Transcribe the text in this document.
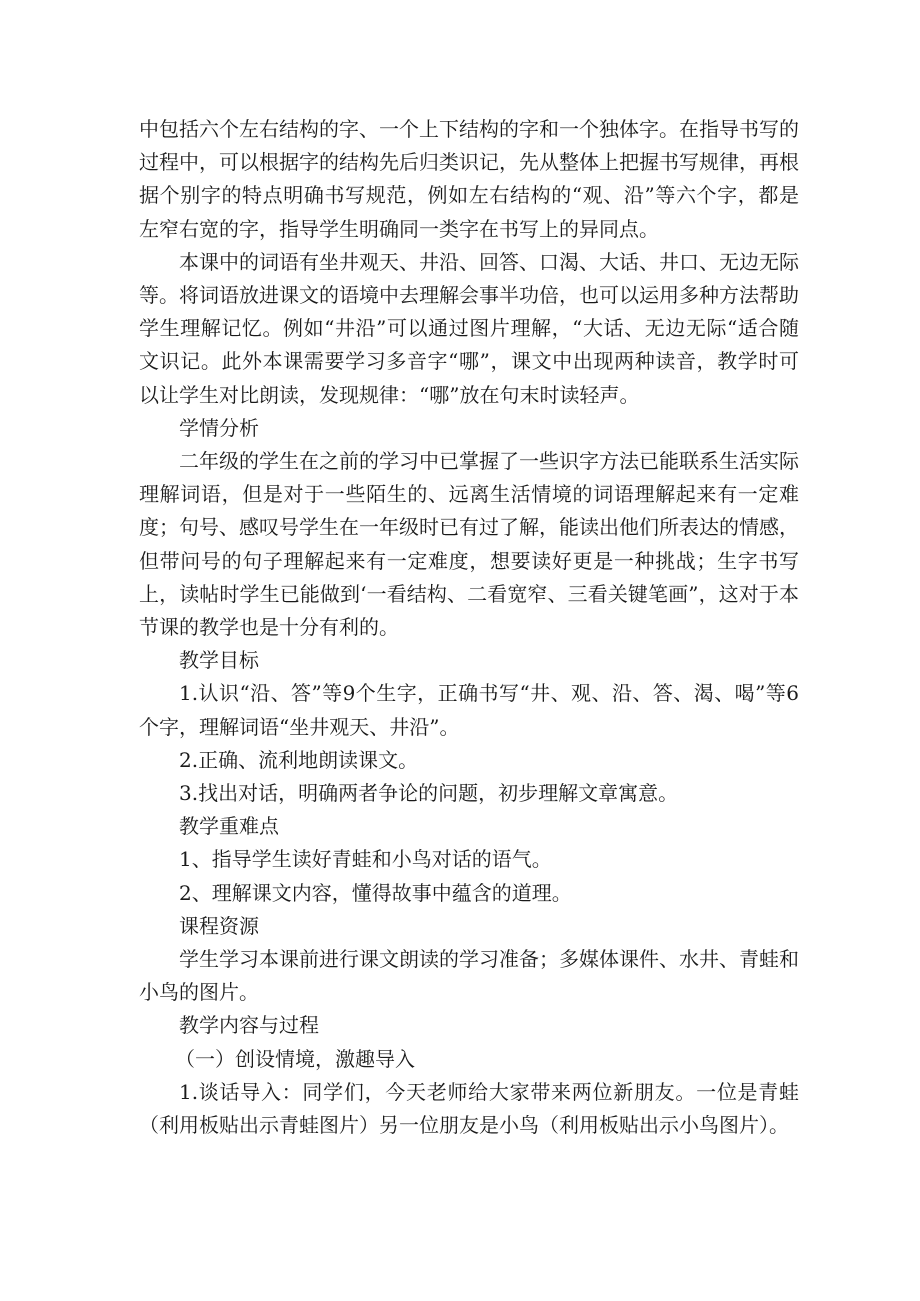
中包括六个左右结构的字、一个上下结构的字和一个独体字。在指导书写的过程中，可以根据字的结构先后归类识记，先从整体上把握书写规律，再根据个别字的特点明确书写规范，例如左右结构的“观、沿”等六个字，都是左窄右宽的字，指导学生明确同一类字在书写上的异同点。

本课中的词语有坐井观天、井沿、回答、口渴、大话、井口、无边无际等。将词语放进课文的语境中去理解会事半功倍，也可以运用多种方法帮助学生理解记忆。例如“井沿”可以通过图片理解，“大话、无边无际“适合随文识记。此外本课需要学习多音字“哪”，课文中出现两种读音，教学时可以让学生对比朗读，发现规律：“哪”放在句末时读轻声。

学情分析

二年级的学生在之前的学习中已掌握了一些识字方法已能联系生活实际理解词语，但是对于一些陌生的、远离生活情境的词语理解起来有一定难度；句号、感叹号学生在一年级时已有过了解，能读出他们所表达的情感，但带问号的句子理解起来有一定难度，想要读好更是一种挑战；生字书写上，读帖时学生已能做到‘一看结构、二看宽窄、三看关键笔画”，这对于本节课的教学也是十分有利的。

教学目标

1.认识“沿、答”等9个生字，正确书写“井、观、沿、答、渴、喝”等6个字，理解词语“坐井观天、井沿”。

2.正确、流利地朗读课文。

3.找出对话，明确两者争论的问题，初步理解文章寓意。

教学重难点

1、指导学生读好青蛙和小鸟对话的语气。

2、理解课文内容，懂得故事中蕴含的道理。

课程资源

学生学习本课前进行课文朗读的学习准备；多媒体课件、水井、青蛙和小鸟的图片。

教学内容与过程

（一）创设情境，激趣导入

1.谈话导入：同学们，今天老师给大家带来两位新朋友。一位是青蛙（利用板贴出示青蛙图片）另一位朋友是小鸟（利用板贴出示小鸟图片）。
